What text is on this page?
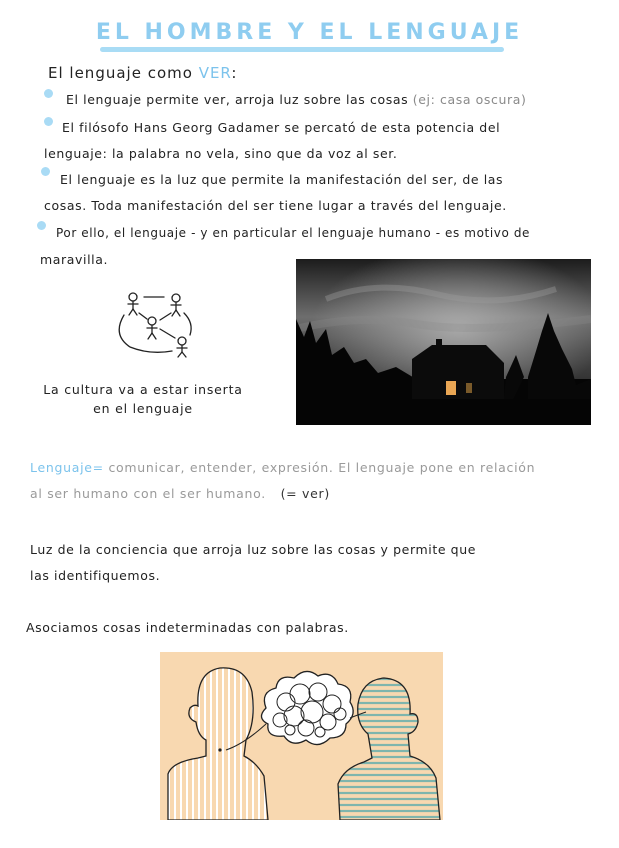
EL HOMBRE Y EL LENGUAJE
El lenguaje como VER:
El lenguaje permite ver, arroja luz sobre las cosas (ej: casa oscura)
El filósofo Hans Georg Gadamer se percató de esta potencia del
lenguaje: la palabra no vela, sino que da voz al ser.
El lenguaje es la luz que permite la manifestación del ser, de las
cosas. Toda manifestación del ser tiene lugar a través del lenguaje.
Por ello, el lenguaje - y en particular el lenguaje humano - es motivo de
maravilla.
La cultura va a estar inserta
en el lenguaje
Lenguaje= comunicar, entender, expresión. El lenguaje pone en relación
al ser humano con el ser humano. (= ver)
Luz de la conciencia que arroja luz sobre las cosas y permite que
las identifiquemos.
Asociamos cosas indeterminadas con palabras.
